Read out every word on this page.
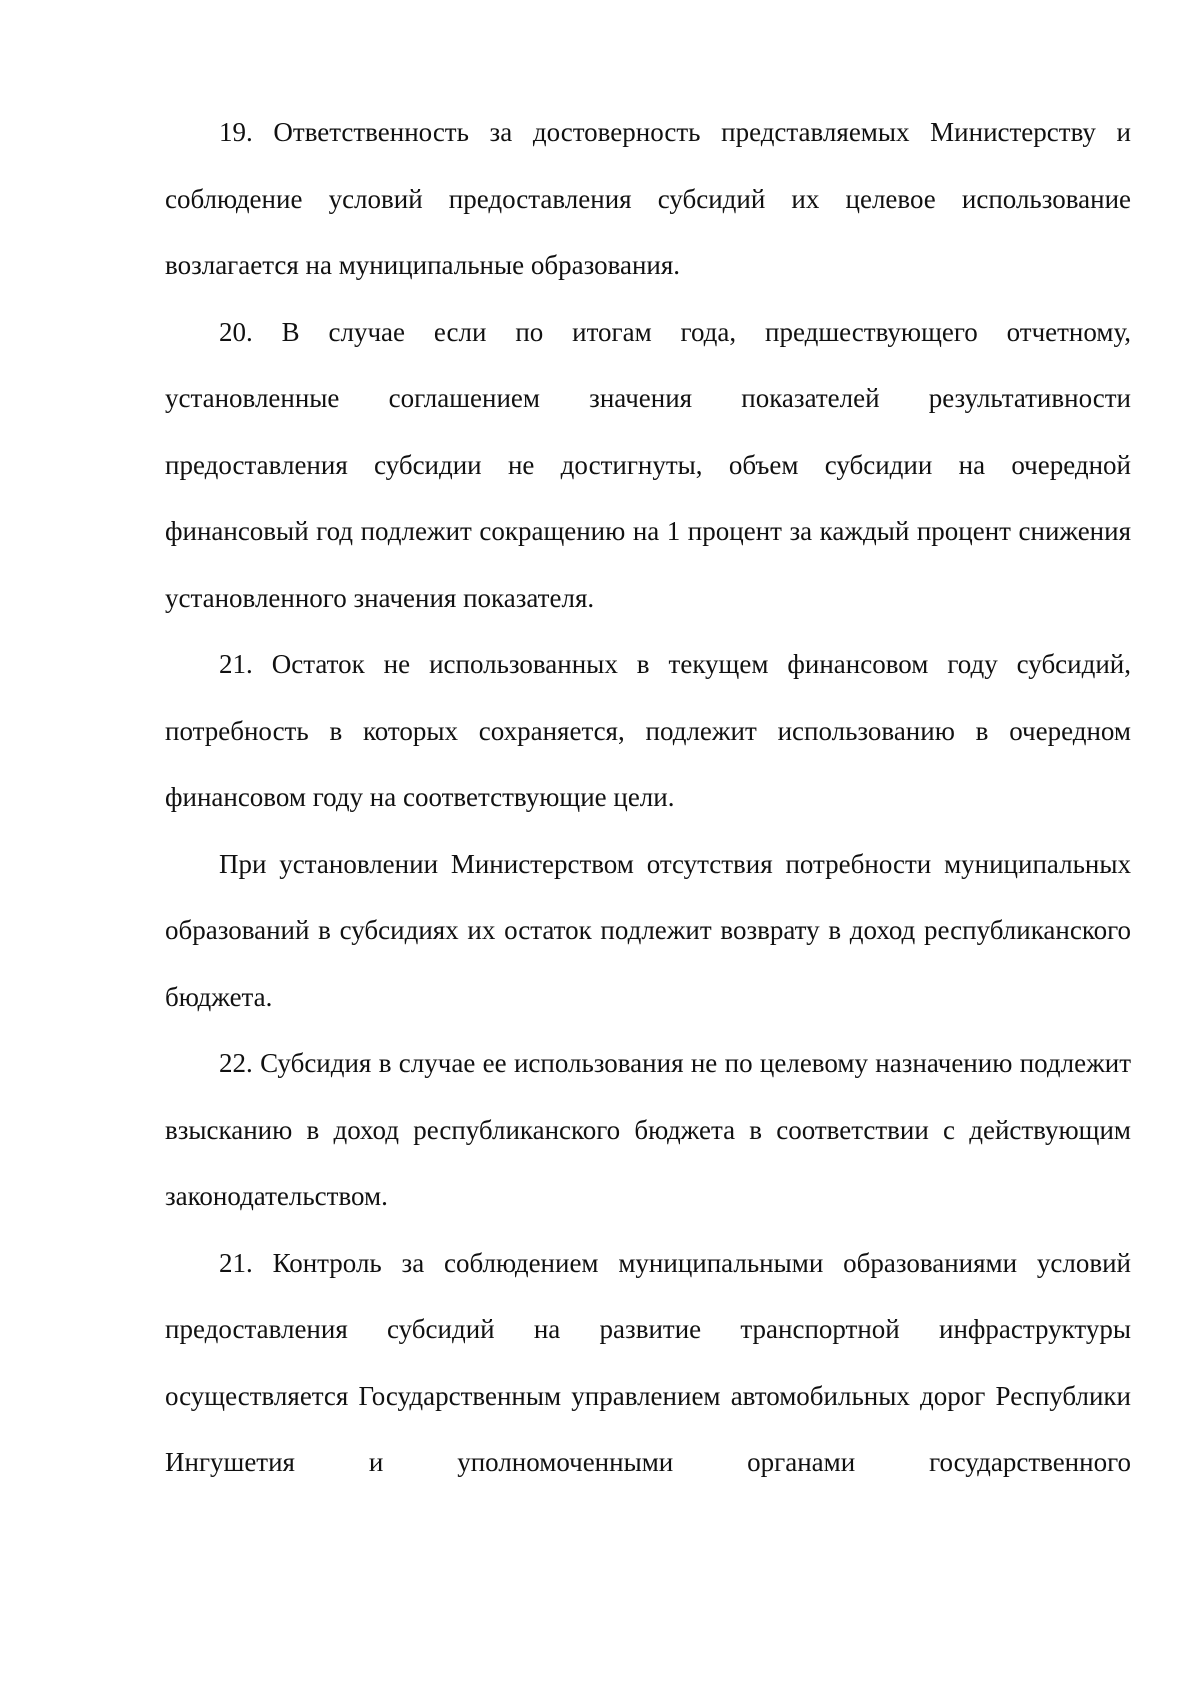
19. Ответственность за достоверность представляемых Министерству и соблюдение условий предоставления субсидий их целевое использование возлагается на муниципальные образования.

20. В случае если по итогам года, предшествующего отчетному, установленные соглашением значения показателей результативности предоставления субсидии не достигнуты, объем субсидии на очередной финансовый год подлежит сокращению на 1 процент за каждый процент снижения установленного значения показателя.

21. Остаток не использованных в текущем финансовом году субсидий, потребность в которых сохраняется, подлежит использованию в очередном финансовом году на соответствующие цели.

При установлении Министерством отсутствия потребности муниципальных образований в субсидиях их остаток подлежит возврату в доход республиканского бюджета.

22. Субсидия в случае ее использования не по целевому назначению подлежит взысканию в доход республиканского бюджета в соответствии с действующим законодательством.

21. Контроль за соблюдением муниципальными образованиями условий предоставления субсидий на развитие транспортной инфраструктуры осуществляется Государственным управлением автомобильных дорог Республики Ингушетия и уполномоченными органами государственного
